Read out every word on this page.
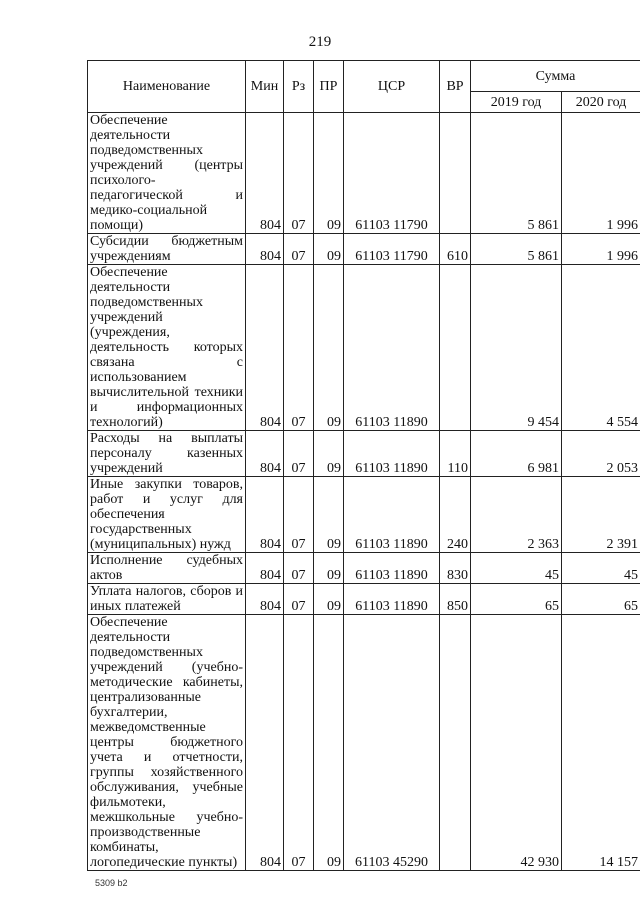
219
Наименование	Мин	Рз	ПР	ЦСР	ВР	Сумма	
						2019 год	2020 год
Обеспечение деятельности подведомственных учреждений (центры психолого-педагогической и медико-социальной помощи)	804	07	09	61103 11790		5 861	1 996
Субсидии бюджетным учреждениям	804	07	09	61103 11790	610	5 861	1 996
Обеспечение деятельности подведомственных учреждений (учреждения, деятельность которых связана с использованием вычислительной техники и информационных технологий)	804	07	09	61103 11890		9 454	4 554
Расходы на выплаты персоналу казенных учреждений	804	07	09	61103 11890	110	6 981	2 053
Иные закупки товаров, работ и услуг для обеспечения государственных (муниципальных) нужд	804	07	09	61103 11890	240	2 363	2 391
Исполнение судебных актов	804	07	09	61103 11890	830	45	45
Уплата налогов, сборов и иных платежей	804	07	09	61103 11890	850	65	65
Обеспечение деятельности подведомственных учреждений (учебно-методические кабинеты, централизованные бухгалтерии, межведомственные центры бюджетного учета и отчетности, группы хозяйственного обслуживания, учебные фильмотеки, межшкольные учебно-производственные комбинаты, логопедические пункты)	804	07	09	61103 45290		42 930	14 157
5309 b2
